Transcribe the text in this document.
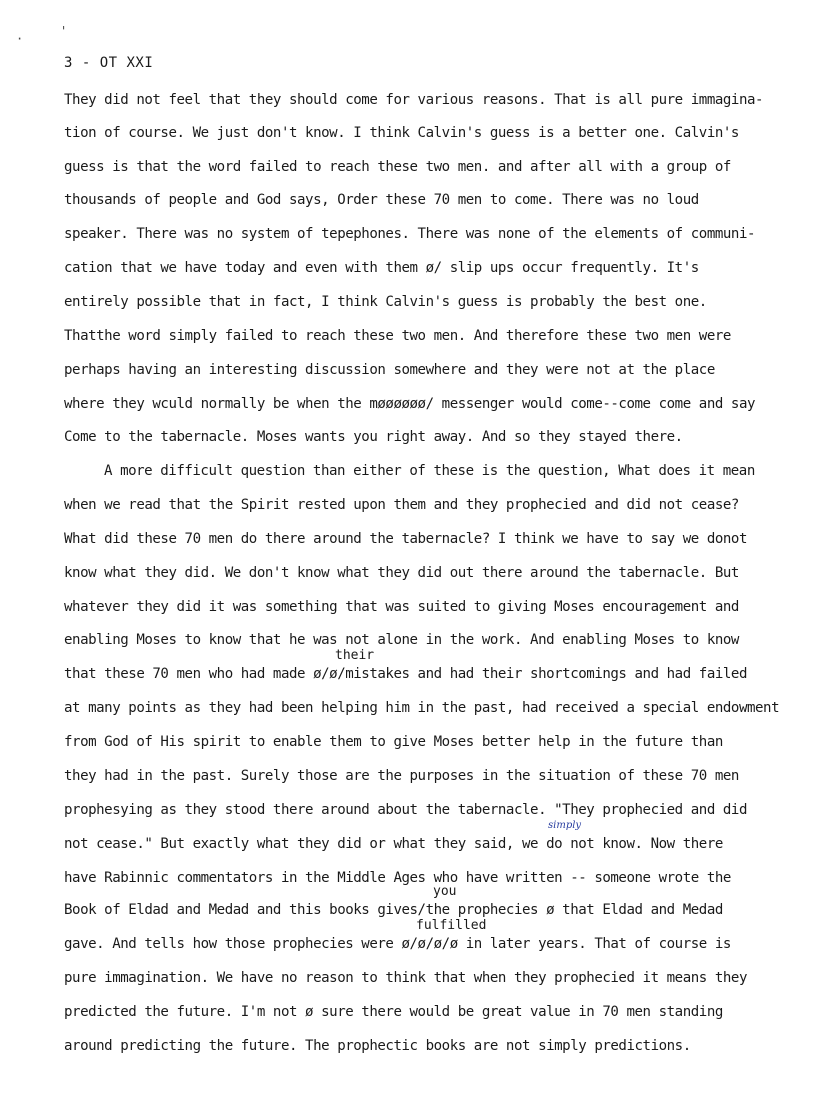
·
'
3 - OT XXI
They did not feel that they should come for various reasons. That is all pure immagina-
tion of course. We just don't know. I think Calvin's guess is a better one. Calvin's
guess is that the word failed to reach these two men. and after all with a group of
thousands of people and God says, Order these 70 men to come. There was no loud
speaker. There was no system of tepephones. There was none of the elements of communi-
cation that we have today and even with them ø/ slip ups occur frequently. It's
entirely possible that in fact, I think Calvin's guess is probably the best one.
Thatthe word simply failed to reach these two men. And therefore these two men were
perhaps having an interesting discussion somewhere and they were not at the place
where they wculd normally be when the møøøøøø/ messenger would come--come come and say
Come to the tabernacle. Moses wants you right away. And so they stayed there.
A more difficult question than either of these is the question, What does it mean
when we read that the Spirit rested upon them and they prophecied and did not cease?
What did these 70 men do there around the tabernacle? I think we have to say we donot
know what they did. We don't know what they did out there around the tabernacle. But
whatever they did it was something that was suited to giving Moses encouragement and
enabling Moses to know that he was not alone in the work. And enabling Moses to know
their
that these 70 men who had made ø/ø/mistakes and had their shortcomings and had failed
at many points as they had been helping him in the past, had received a special endowment
from God of His spirit to enable them to give Moses better help in the future than
they had in the past. Surely those are the purposes in the situation of these 70 men
prophesying as they stood there around about the tabernacle. "They prophecied and did
simply
not cease." But exactly what they did or what they said, we do not know. Now there
have Rabinnic commentators in the Middle Ages who have written -- someone wrote the
you
Book of Eldad and Medad and this books gives/the prophecies ø that Eldad and Medad
fulfilled
gave. And tells how those prophecies were ø/ø/ø/ø in later years. That of course is
pure immagination. We have no reason to think that when they prophecied it means they
predicted the future. I'm not ø sure there would be great value in 70 men standing
around predicting the future. The prophectic books are not simply predictions.
